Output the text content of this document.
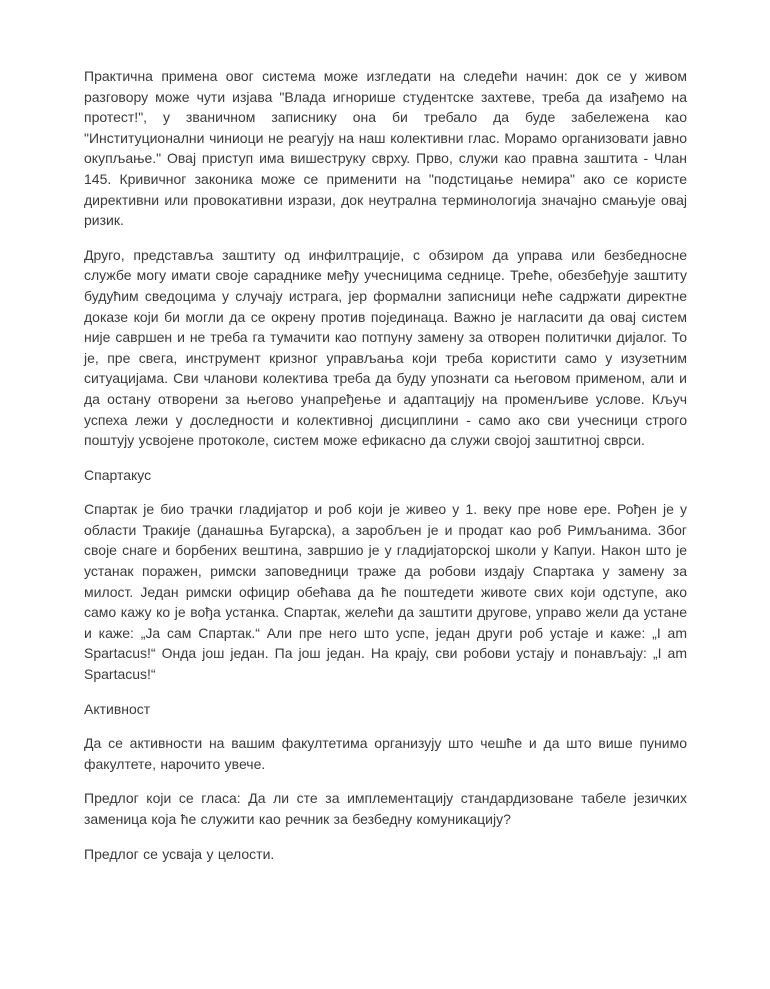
Практична примена овог система може изгледати на следећи начин: док се у живом разговору може чути изјава "Влада игнорише студентске захтеве, треба да изађемо на протест!", у званичном записнику она би требало да буде забележена као "Институционални чиниоци не реагују на наш колективни глас. Морамо организовати јавно окупљање." Овај приступ има вишеструку сврху. Прво, служи као правна заштита - Члан 145. Кривичног законика може се применити на "подстицање немира" ако се користе директивни или провокативни изрази, док неутрална терминологија значајно смањује овај ризик.
Друго, представља заштиту од инфилтрације, с обзиром да управа или безбедносне службе могу имати своје сараднике међу учесницима седнице. Треће, обезбеђује заштиту будућим сведоцима у случају истрага, јер формални записници неће садржати директне доказе који би могли да се окрену против појединаца. Важно је нагласити да овај систем није савршен и не треба га тумачити као потпуну замену за отворен политички дијалог. То је, пре свега, инструмент кризног управљања који треба користити само у изузетним ситуацијама. Сви чланови колектива треба да буду упознати са његовом применом, али и да остану отворени за његово унапређење и адаптацију на променљиве услове. Кључ успеха лежи у доследности и колективној дисциплини - само ако сви учесници строго поштују усвојене протоколе, систем може ефикасно да служи својој заштитној сврси.
Спартакус
Спартак је био трачки гладијатор и роб који је живео у 1. веку пре нове ере. Рођен је у области Тракије (данашња Бугарска), а заробљен је и продат као роб Римљанима. Због своје снаге и борбених вештина, завршио је у гладијаторској школи у Капуи. Након што је устанак поражен, римски заповедници траже да робови издају Спартака у замену за милост. Један римски официр обећава да ће поштедети животе свих који одступе, ако само кажу ко је вођа устанка. Спартак, желећи да заштити другове, управо жели да устане и каже: „Ја сам Спартак.“ Али пре него што успе, један други роб устаје и каже: „I am Spartacus!“ Онда још један. Па још један. На крају, сви робови устају и понављају: „I am Spartacus!“
Активност
Да се активности на вашим факултетима организују што чешће и да што више пунимо факултете, нарочито увече.
Предлог који се гласа: Да ли сте за имплементацију стандардизоване табеле језичких заменица која ће служити као речник за безбедну комуникацију?
Предлог се усваја у целости.
